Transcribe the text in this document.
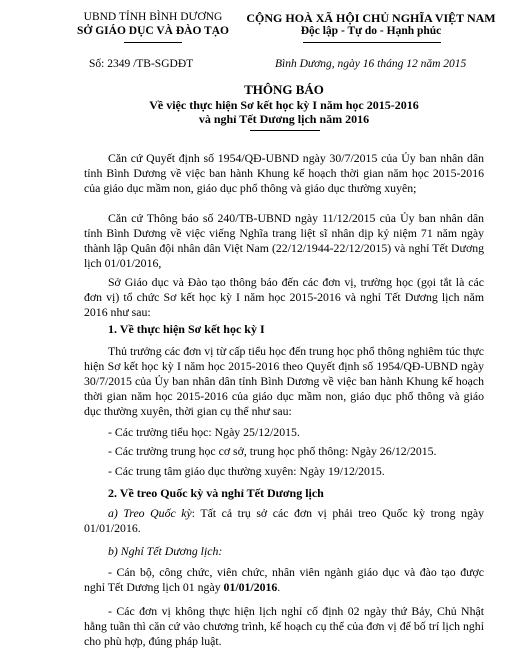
UBND TỈNH BÌNH DƯƠNG
SỞ GIÁO DỤC VÀ ĐÀO TẠO
CỘNG HOÀ XÃ HỘI CHỦ NGHĨA VIỆT NAM
Độc lập - Tự do - Hạnh phúc
Số: 2349 /TB-SGDĐT	Bình Dương, ngày 16 tháng 12 năm 2015
THÔNG BÁO
Về việc thực hiện Sơ kết học kỳ I năm học 2015-2016
và nghỉ Tết Dương lịch năm 2016
Căn cứ Quyết định số 1954/QĐ-UBND ngày 30/7/2015 của Ủy ban nhân dân tỉnh Bình Dương về việc ban hành Khung kế hoạch thời gian năm học 2015-2016 của giáo dục mầm non, giáo dục phổ thông và giáo dục thường xuyên;
Căn cứ Thông báo số 240/TB-UBND ngày 11/12/2015 của Ủy ban nhân dân tỉnh Bình Dương về việc viếng Nghĩa trang liệt sĩ nhân dịp kỷ niệm 71 năm ngày thành lập Quân đội nhân dân Việt Nam (22/12/1944-22/12/2015) và nghỉ Tết Dương lịch 01/01/2016,
Sở Giáo dục và Đào tạo thông báo đến các đơn vị, trường học (gọi tắt là các đơn vị) tổ chức Sơ kết học kỳ I năm học 2015-2016 và nghỉ Tết Dương lịch năm 2016 như sau:
1. Về thực hiện Sơ kết học kỳ I
Thủ trưởng các đơn vị từ cấp tiểu học đến trung học phổ thông nghiêm túc thực hiện Sơ kết học kỳ I năm học 2015-2016 theo Quyết định số 1954/QĐ-UBND ngày 30/7/2015 của Ủy ban nhân dân tỉnh Bình Dương về việc ban hành Khung kế hoạch thời gian năm học 2015-2016 của giáo dục mầm non, giáo dục phổ thông và giáo dục thường xuyên, thời gian cụ thể như sau:
- Các trường tiểu học: Ngày 25/12/2015.
- Các trường trung học cơ sở, trung học phổ thông: Ngày 26/12/2015.
- Các trung tâm giáo dục thường xuyên: Ngày 19/12/2015.
2. Về treo Quốc kỳ và nghỉ Tết Dương lịch
a) Treo Quốc kỳ: Tất cả trụ sở các đơn vị phải treo Quốc kỳ trong ngày 01/01/2016.
b) Nghỉ Tết Dương lịch:
- Cán bộ, công chức, viên chức, nhân viên ngành giáo dục và đào tạo được nghỉ Tết Dương lịch 01 ngày 01/01/2016.
- Các đơn vị không thực hiện lịch nghỉ cố định 02 ngày thứ Bảy, Chủ Nhật hằng tuần thì căn cứ vào chương trình, kế hoạch cụ thể của đơn vị để bố trí lịch nghỉ cho phù hợp, đúng pháp luật.
